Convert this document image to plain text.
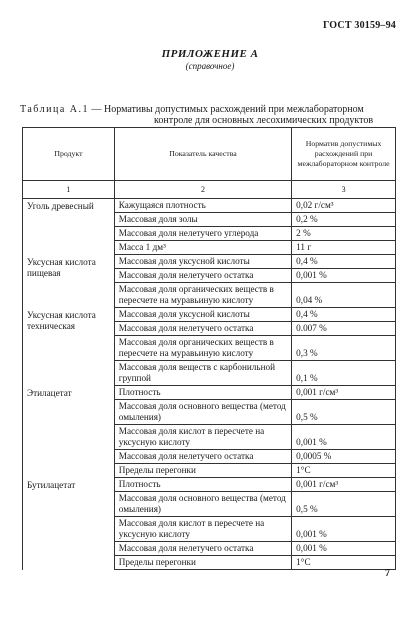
ГОСТ 30159–94
ПРИЛОЖЕНИЕ А
(справочное)
Таблица А.1 — Нормативы допустимых расхождений при межлабораторном
контроле для основных лесохимических продуктов
Продукт	Показатель качества	Норматив допустимых расхождений при межлабораторном контроле
1	2	3
Уголь древесный	Кажущаяся плотность	0,02 г/см³
	Массовая доля золы	0,2 %
	Массовая доля нелетучего углерода	2 %
	Масса 1 дм³	11 г
Уксусная кислота пищевая	Массовая доля уксусной кислоты	0,4 %
	Массовая доля нелетучего остатка	0,001 %
	Массовая доля органических веществ в пересчете на муравьиную кислоту	0,04 %
Уксусная кислота техническая	Массовая доля уксусной кислоты	0,4 %
	Массовая доля нелетучего остатка	0.007 %
	Массовая доля органических веществ в пересчете на муравьиную кислоту	0,3 %
	Массовая доля веществ с карбонильной группой	0,1 %
Этилацетат	Плотность	0,001 г/см³
	Массовая доля основного вещества (метод омыления)	0,5 %
	Массовая доля кислот в пересчете на уксусную кислоту	0,001 %
	Массовая доля нелетучего остатка	0,0005 %
	Пределы перегонки	1°С
Бутилацетат	Плотность	0,001 г/см³
	Массовая доля основного вещества (метод омыления)	0,5 %
	Массовая доля кислот в пересчете на уксусную кислоту	0,001 %
	Массовая доля нелетучего остатка	0,001 %
	Пределы перегонки	1°С
7
